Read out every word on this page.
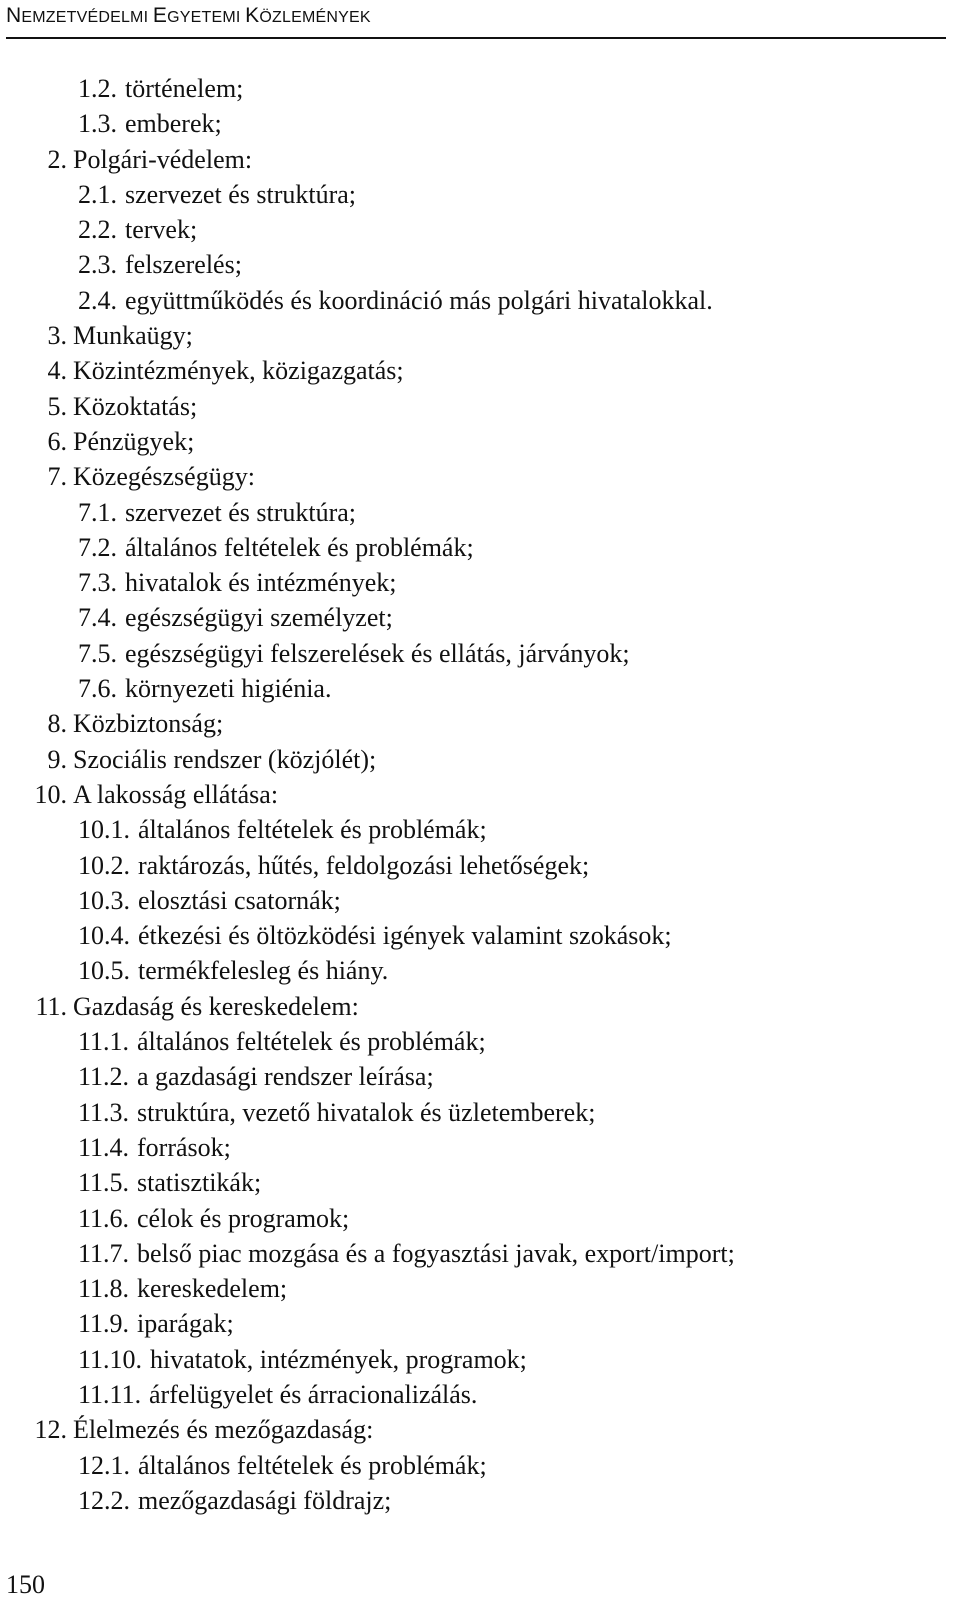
NEMZETVÉDELMI EGYETEMI KÖZLEMÉNYEK
1.2. történelem;
1.3. emberek;
2. Polgári-védelem:
2.1. szervezet és struktúra;
2.2. tervek;
2.3. felszerelés;
2.4. együttműködés és koordináció más polgári hivatalokkal.
3. Munkaügy;
4. Közintézmények, közigazgatás;
5. Közoktatás;
6. Pénzügyek;
7. Közegészségügy:
7.1. szervezet és struktúra;
7.2. általános feltételek és problémák;
7.3. hivatalok és intézmények;
7.4. egészségügyi személyzet;
7.5. egészségügyi felszerelések és ellátás, járványok;
7.6. környezeti higiénia.
8. Közbiztonság;
9. Szociális rendszer (közjólét);
10. A lakosság ellátása:
10.1. általános feltételek és problémák;
10.2. raktározás, hűtés, feldolgozási lehetőségek;
10.3. elosztási csatornák;
10.4. étkezési és öltözködési igények valamint szokások;
10.5. termékfelesleg és hiány.
11. Gazdaság és kereskedelem:
11.1. általános feltételek és problémák;
11.2. a gazdasági rendszer leírása;
11.3. struktúra, vezető hivatalok és üzletemberek;
11.4. források;
11.5. statisztikák;
11.6. célok és programok;
11.7. belső piac mozgása és a fogyasztási javak, export/import;
11.8. kereskedelem;
11.9. iparágak;
11.10. hivatatok, intézmények, programok;
11.11. árfelügyelet és árracionalizálás.
12. Élelmezés és mezőgazdaság:
12.1. általános feltételek és problémák;
12.2. mezőgazdasági földrajz;
150
